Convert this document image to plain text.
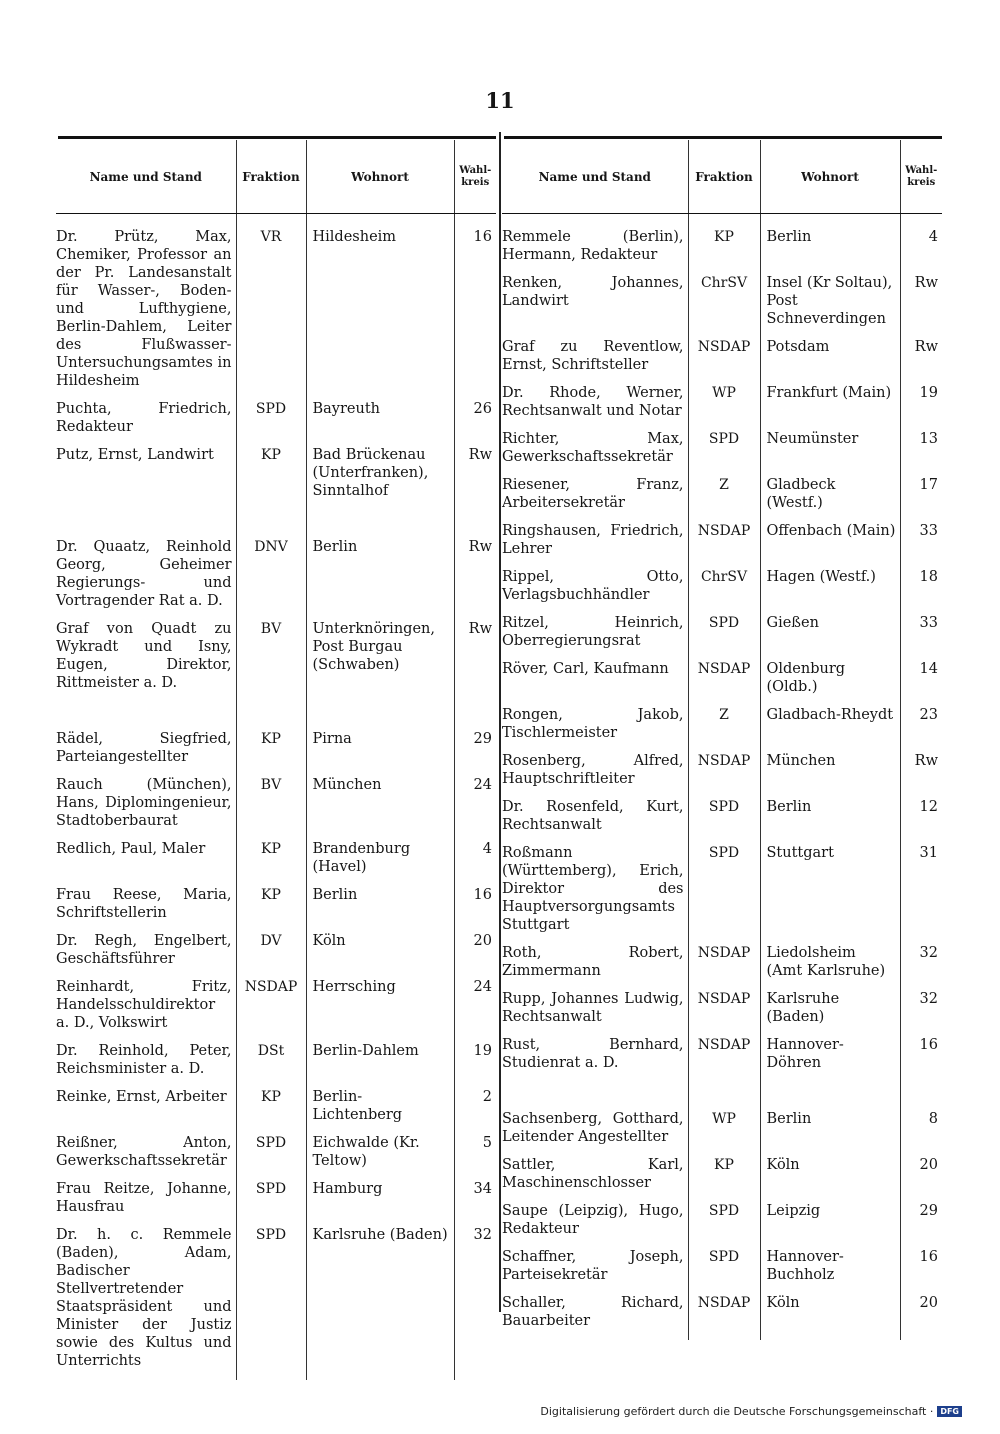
11
Name und Stand	Fraktion	Wohnort	Wahl-kreis
Dr. Prütz, Max, Chemiker, Professor an der Pr. Landesanstalt für Wasser-, Boden- und Lufthygiene, Berlin-Dahlem, Leiter des Flußwasser-Untersuchungsamtes in Hildesheim	VR	Hildesheim	16
Puchta, Friedrich, Redakteur	SPD	Bayreuth	26
Putz, Ernst, Landwirt	KP	Bad Brückenau (Unterfranken), Sinntalhof	Rw

Dr. Quaatz, Reinhold Georg, Geheimer Regierungs- und Vortragender Rat a. D.	DNV	Berlin	Rw
Graf von Quadt zu Wykradt und Isny, Eugen, Direktor, Rittmeister a. D.	BV	Unterknöringen, Post Burgau (Schwaben)	Rw

Rädel, Siegfried, Parteiangestellter	KP	Pirna	29
Rauch (München), Hans, Diplomingenieur, Stadtoberbaurat	BV	München	24
Redlich, Paul, Maler	KP	Brandenburg (Havel)	4
Frau Reese, Maria, Schriftstellerin	KP	Berlin	16
Dr. Regh, Engelbert, Geschäftsführer	DV	Köln	20
Reinhardt, Fritz, Handelsschuldirektor a. D., Volkswirt	NSDAP	Herrsching	24
Dr. Reinhold, Peter, Reichsminister a. D.	DSt	Berlin-Dahlem	19
Reinke, Ernst, Arbeiter	KP	Berlin-Lichtenberg	2
Reißner, Anton, Gewerkschaftssekretär	SPD	Eichwalde (Kr. Teltow)	5
Frau Reitze, Johanne, Hausfrau	SPD	Hamburg	34
Dr. h. c. Remmele (Baden), Adam, Badischer Stellvertretender Staatspräsident und Minister der Justiz sowie des Kultus und Unterrichts	SPD	Karlsruhe (Baden)	32
Name und Stand	Fraktion	Wohnort	Wahl-kreis
Remmele (Berlin), Hermann, Redakteur	KP	Berlin	4
Renken, Johannes, Landwirt	ChrSV	Insel (Kr Soltau), Post Schneverdingen	Rw
Graf zu Reventlow, Ernst, Schriftsteller	NSDAP	Potsdam	Rw
Dr. Rhode, Werner, Rechtsanwalt und Notar	WP	Frankfurt (Main)	19
Richter, Max, Gewerkschaftssekretär	SPD	Neumünster	13
Riesener, Franz, Arbeitersekretär	Z	Gladbeck (Westf.)	17
Ringshausen, Friedrich, Lehrer	NSDAP	Offenbach (Main)	33
Rippel, Otto, Verlagsbuchhändler	ChrSV	Hagen (Westf.)	18
Ritzel, Heinrich, Oberregierungsrat	SPD	Gießen	33
Röver, Carl, Kaufmann	NSDAP	Oldenburg (Oldb.)	14
Rongen, Jakob, Tischlermeister	Z	Gladbach-Rheydt	23
Rosenberg, Alfred, Hauptschriftleiter	NSDAP	München	Rw
Dr. Rosenfeld, Kurt, Rechtsanwalt	SPD	Berlin	12
Roßmann (Württemberg), Erich, Direktor des Hauptversorgungsamts Stuttgart	SPD	Stuttgart	31
Roth, Robert, Zimmermann	NSDAP	Liedolsheim (Amt Karlsruhe)	32
Rupp, Johannes Ludwig, Rechtsanwalt	NSDAP	Karlsruhe (Baden)	32
Rust, Bernhard, Studienrat a. D.	NSDAP	Hannover-Döhren	16

Sachsenberg, Gotthard, Leitender Angestellter	WP	Berlin	8
Sattler, Karl, Maschinenschlosser	KP	Köln	20
Saupe (Leipzig), Hugo, Redakteur	SPD	Leipzig	29
Schaffner, Joseph, Parteisekretär	SPD	Hannover-Buchholz	16
Schaller, Richard, Bauarbeiter	NSDAP	Köln	20
Digitalisierung gefördert durch die Deutsche Forschungsgemeinschaft · DFG
